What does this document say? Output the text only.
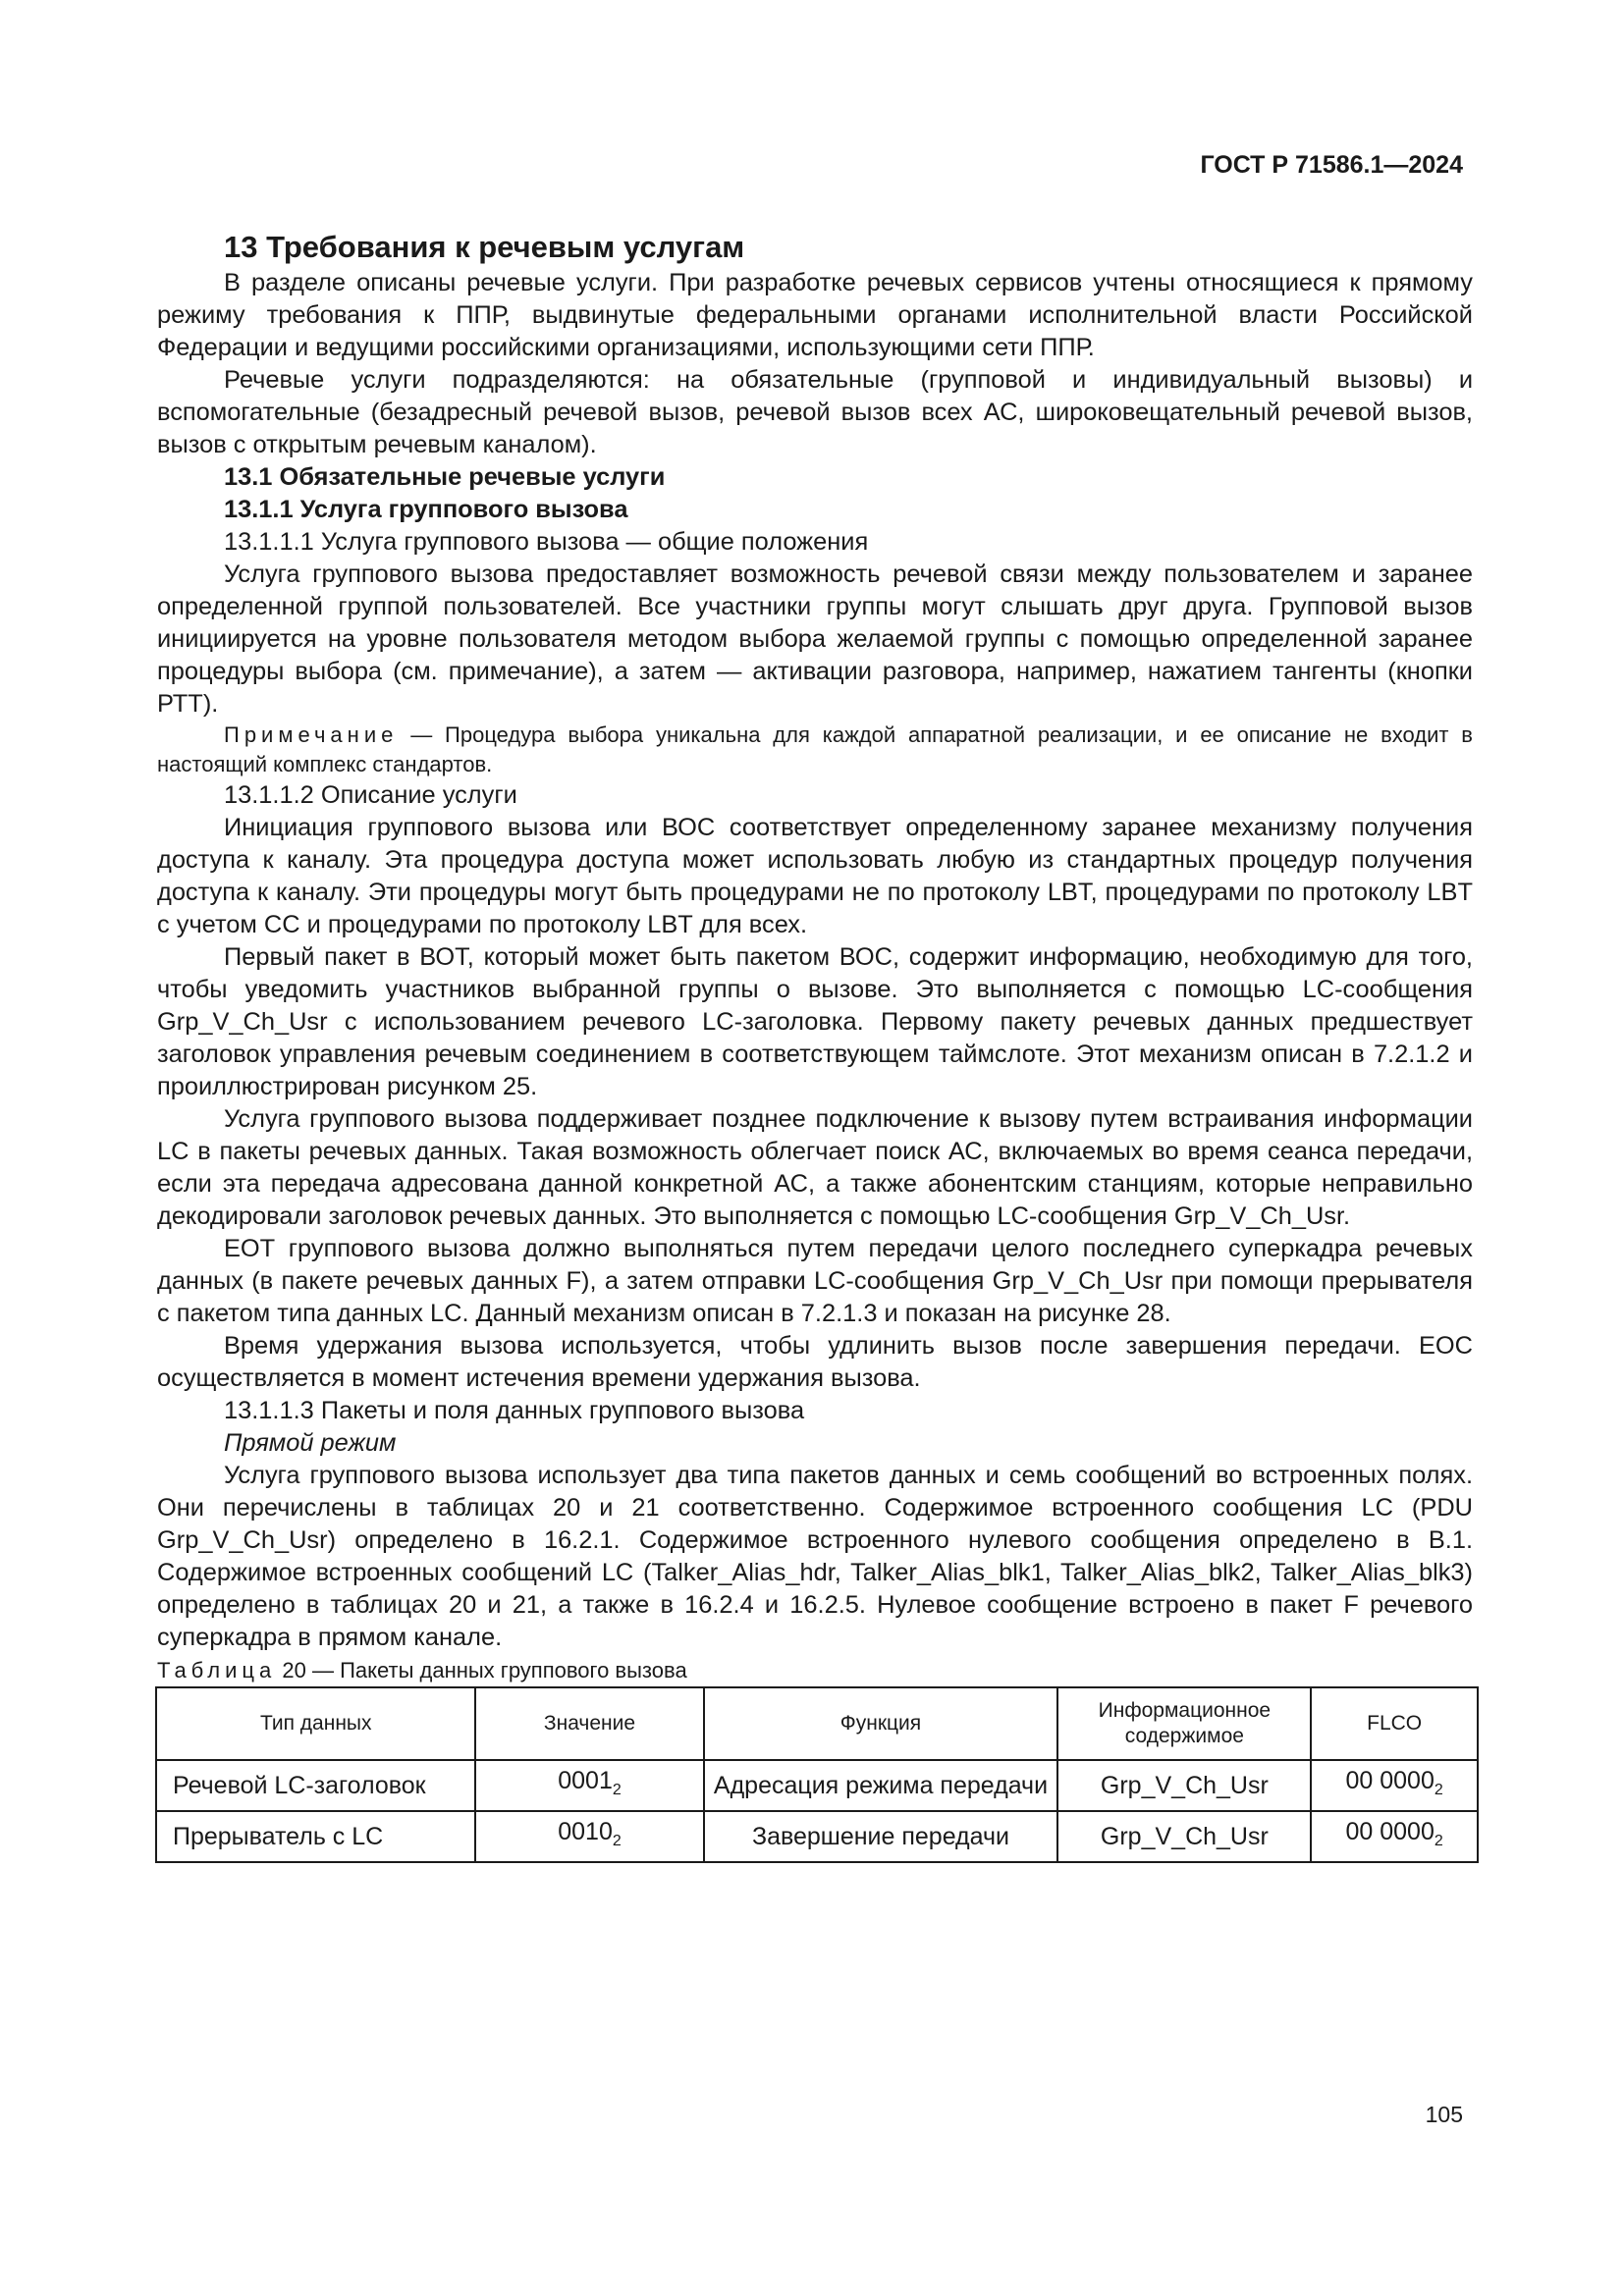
ГОСТ Р 71586.1—2024

13 Требования к речевым услугам

В разделе описаны речевые услуги. При разработке речевых сервисов учтены относящиеся к прямому режиму требования к ППР, выдвинутые федеральными органами исполнительной власти Российской Федерации и ведущими российскими организациями, использующими сети ППР.

Речевые услуги подразделяются: на обязательные (групповой и индивидуальный вызовы) и вспомогательные (безадресный речевой вызов, речевой вызов всех АС, широковещательный речевой вызов, вызов с открытым речевым каналом).

13.1 Обязательные речевые услуги

13.1.1 Услуга группового вызова

13.1.1.1 Услуга группового вызова — общие положения

Услуга группового вызова предоставляет возможность речевой связи между пользователем и заранее определенной группой пользователей. Все участники группы могут слышать друг друга. Групповой вызов инициируется на уровне пользователя методом выбора желаемой группы с помощью определенной заранее процедуры выбора (см. примечание), а затем — активации разговора, например, нажатием тангенты (кнопки РТТ).

Примечание — Процедура выбора уникальна для каждой аппаратной реализации, и ее описание не входит в настоящий комплекс стандартов.

13.1.1.2 Описание услуги

Инициация группового вызова или ВОС соответствует определенному заранее механизму получения доступа к каналу. Эта процедура доступа может использовать любую из стандартных процедур получения доступа к каналу. Эти процедуры могут быть процедурами не по протоколу LBT, процедурами по протоколу LBT с учетом СС и процедурами по протоколу LBT для всех.

Первый пакет в ВОТ, который может быть пакетом ВОС, содержит информацию, необходимую для того, чтобы уведомить участников выбранной группы о вызове. Это выполняется с помощью LC-сообщения Grp_V_Ch_Usr с использованием речевого LC-заголовка. Первому пакету речевых данных предшествует заголовок управления речевым соединением в соответствующем таймслоте. Этот механизм описан в 7.2.1.2 и проиллюстрирован рисунком 25.

Услуга группового вызова поддерживает позднее подключение к вызову путем встраивания информации LC в пакеты речевых данных. Такая возможность облегчает поиск АС, включаемых во время сеанса передачи, если эта передача адресована данной конкретной АС, а также абонентским станциям, которые неправильно декодировали заголовок речевых данных. Это выполняется с помощью LC-сообщения Grp_V_Ch_Usr.

ЕОТ группового вызова должно выполняться путем передачи целого последнего суперкадра речевых данных (в пакете речевых данных F), а затем отправки LC-сообщения Grp_V_Ch_Usr при помощи прерывателя с пакетом типа данных LC. Данный механизм описан в 7.2.1.3 и показан на рисунке 28.

Время удержания вызова используется, чтобы удлинить вызов после завершения передачи. ЕОС осуществляется в момент истечения времени удержания вызова.

13.1.1.3 Пакеты и поля данных группового вызова

Прямой режим

Услуга группового вызова использует два типа пакетов данных и семь сообщений во встроенных полях. Они перечислены в таблицах 20 и 21 соответственно. Содержимое встроенного сообщения LC (PDU Grp_V_Ch_Usr) определено в 16.2.1. Содержимое встроенного нулевого сообщения определено в В.1. Содержимое встроенных сообщений LC (Talker_Alias_hdr, Talker_Alias_blk1, Talker_Alias_blk2, Talker_Alias_blk3) определено в таблицах 20 и 21, а также в 16.2.4 и 16.2.5. Нулевое сообщение встроено в пакет F речевого суперкадра в прямом канале.

Таблица 20 — Пакеты данных группового вызова

Тип данных	Значение	Функция	Информационное содержимое	FLCO
Речевой LC-заголовок	$0001_2$	Адресация режима передачи	Grp_V_Ch_Usr	00 $0000_2$
Прерыватель с LC	$0010_2$	Завершение передачи	Grp_V_Ch_Usr	00 $0000_2$
105
